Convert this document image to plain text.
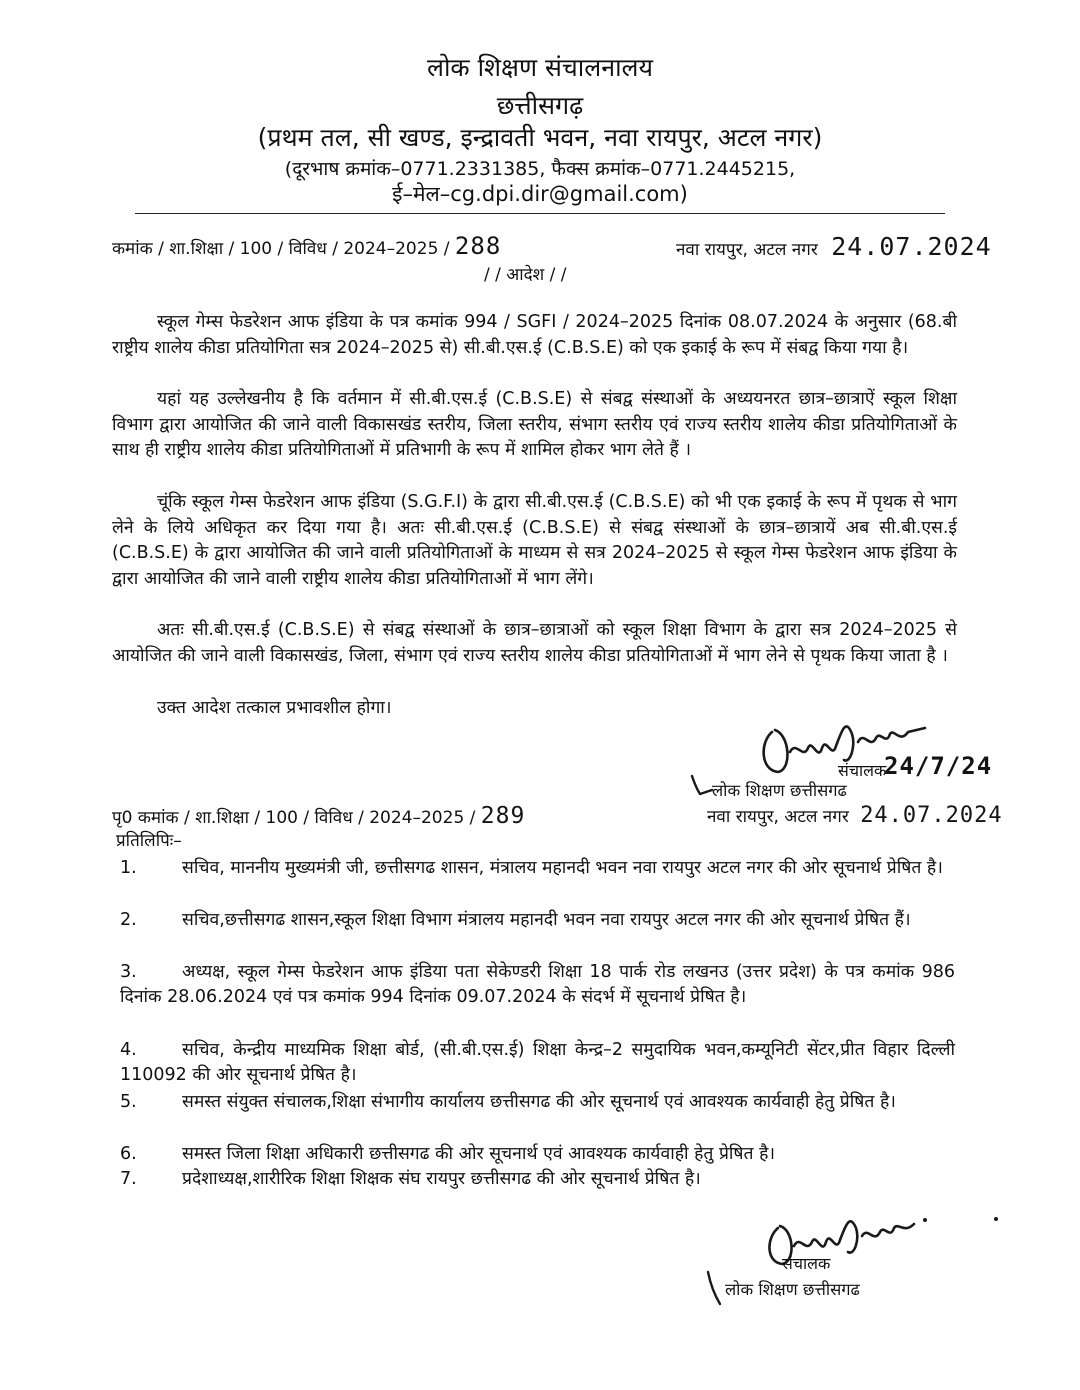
लोक शिक्षण संचालनालय
छत्तीसगढ़
(प्रथम तल, सी खण्ड, इन्द्रावती भवन, नवा रायपुर, अटल नगर)
(दूरभाष क्रमांक–0771.2331385, फैक्स क्रमांक–0771.2445215,
ई–मेल–cg.dpi.dir@gmail.com)
कमांक / शा.शिक्षा / 100 / विविध / 2024–2025 / 288	नवा रायपुर, अटल नगर 24.07.2024
/ / आदेश / /
स्कूल गेम्स फेडरेशन आफ इंडिया के पत्र कमांक 994 / SGFI / 2024–2025 दिनांक 08.07.2024 के अनुसार (68.बी राष्ट्रीय शालेय कीडा प्रतियोगिता सत्र 2024–2025 से) सी.बी.एस.ई (C.B.S.E) को एक इकाई के रूप में संबद्व किया गया है।
यहां यह उल्लेखनीय है कि वर्तमान में सी.बी.एस.ई (C.B.S.E) से संबद्व संस्थाओं के अध्ययनरत छात्र–छात्राऐं स्कूल शिक्षा विभाग द्वारा आयोजित की जाने वाली विकासखंड स्तरीय, जिला स्तरीय, संभाग स्तरीय एवं राज्य स्तरीय शालेय कीडा प्रतियोगिताओं के साथ ही राष्ट्रीय शालेय कीडा प्रतियोगिताओं में प्रतिभागी के रूप में शामिल होकर भाग लेते हैं ।
चूंकि स्कूल गेम्स फेडरेशन आफ इंडिया (S.G.F.I) के द्वारा सी.बी.एस.ई (C.B.S.E) को भी एक इकाई के रूप में पृथक से भाग लेने के लिये अधिकृत कर दिया गया है। अतः सी.बी.एस.ई (C.B.S.E) से संबद्व संस्थाओं के छात्र–छात्रायें अब सी.बी.एस.ई (C.B.S.E) के द्वारा आयोजित की जाने वाली प्रतियोगिताओं के माध्यम से सत्र 2024–2025 से स्कूल गेम्स फेडरेशन आफ इंडिया के द्वारा आयोजित की जाने वाली राष्ट्रीय शालेय कीडा प्रतियोगिताओं में भाग लेंगे।
अतः सी.बी.एस.ई (C.B.S.E) से संबद्व संस्थाओं के छात्र–छात्राओं को स्कूल शिक्षा विभाग के द्वारा सत्र 2024–2025 से आयोजित की जाने वाली विकासखंड, जिला, संभाग एवं राज्य स्तरीय शालेय कीडा प्रतियोगिताओं में भाग लेने से पृथक किया जाता है ।
उक्त आदेश तत्काल प्रभावशील होगा।
संचालक
24/7/24
लोक शिक्षण छत्तीसगढ
पृ0 कमांक / शा.शिक्षा / 100 / विविध / 2024–2025 / 289	नवा रायपुर, अटल नगर 24.07.2024
प्रतिलिपिः–
1.	सचिव, माननीय मुख्यमंत्री जी, छत्तीसगढ शासन, मंत्रालय महानदी भवन नवा रायपुर अटल नगर की ओर सूचनार्थ प्रेषित है।
2.	सचिव,छत्तीसगढ शासन,स्कूल शिक्षा विभाग मंत्रालय महानदी भवन नवा रायपुर अटल नगर की ओर सूचनार्थ प्रेषित हैं।
3.	अध्यक्ष, स्कूल गेम्स फेडरेशन आफ इंडिया पता सेकेण्डरी शिक्षा 18 पार्क रोड लखनउ (उत्तर प्रदेश) के पत्र कमांक 986 दिनांक 28.06.2024 एवं पत्र कमांक 994 दिनांक 09.07.2024 के संदर्भ में सूचनार्थ प्रेषित है।
4.	सचिव, केन्द्रीय माध्यमिक शिक्षा बोर्ड, (सी.बी.एस.ई) शिक्षा केन्द्र–2 समुदायिक भवन,कम्यूनिटी सेंटर,प्रीत विहार दिल्ली 110092 की ओर सूचनार्थ प्रेषित है।
5.	समस्त संयुक्त संचालक,शिक्षा संभागीय कार्यालय छत्तीसगढ की ओर सूचनार्थ एवं आवश्यक कार्यवाही हेतु प्रेषित है।
6.	समस्त जिला शिक्षा अधिकारी छत्तीसगढ की ओर सूचनार्थ एवं आवश्यक कार्यवाही हेतु प्रेषित है।
7.	प्रदेशाध्यक्ष,शारीरिक शिक्षा शिक्षक संघ रायपुर छत्तीसगढ की ओर सूचनार्थ प्रेषित है।
संचालक
लोक शिक्षण छत्तीसगढ
